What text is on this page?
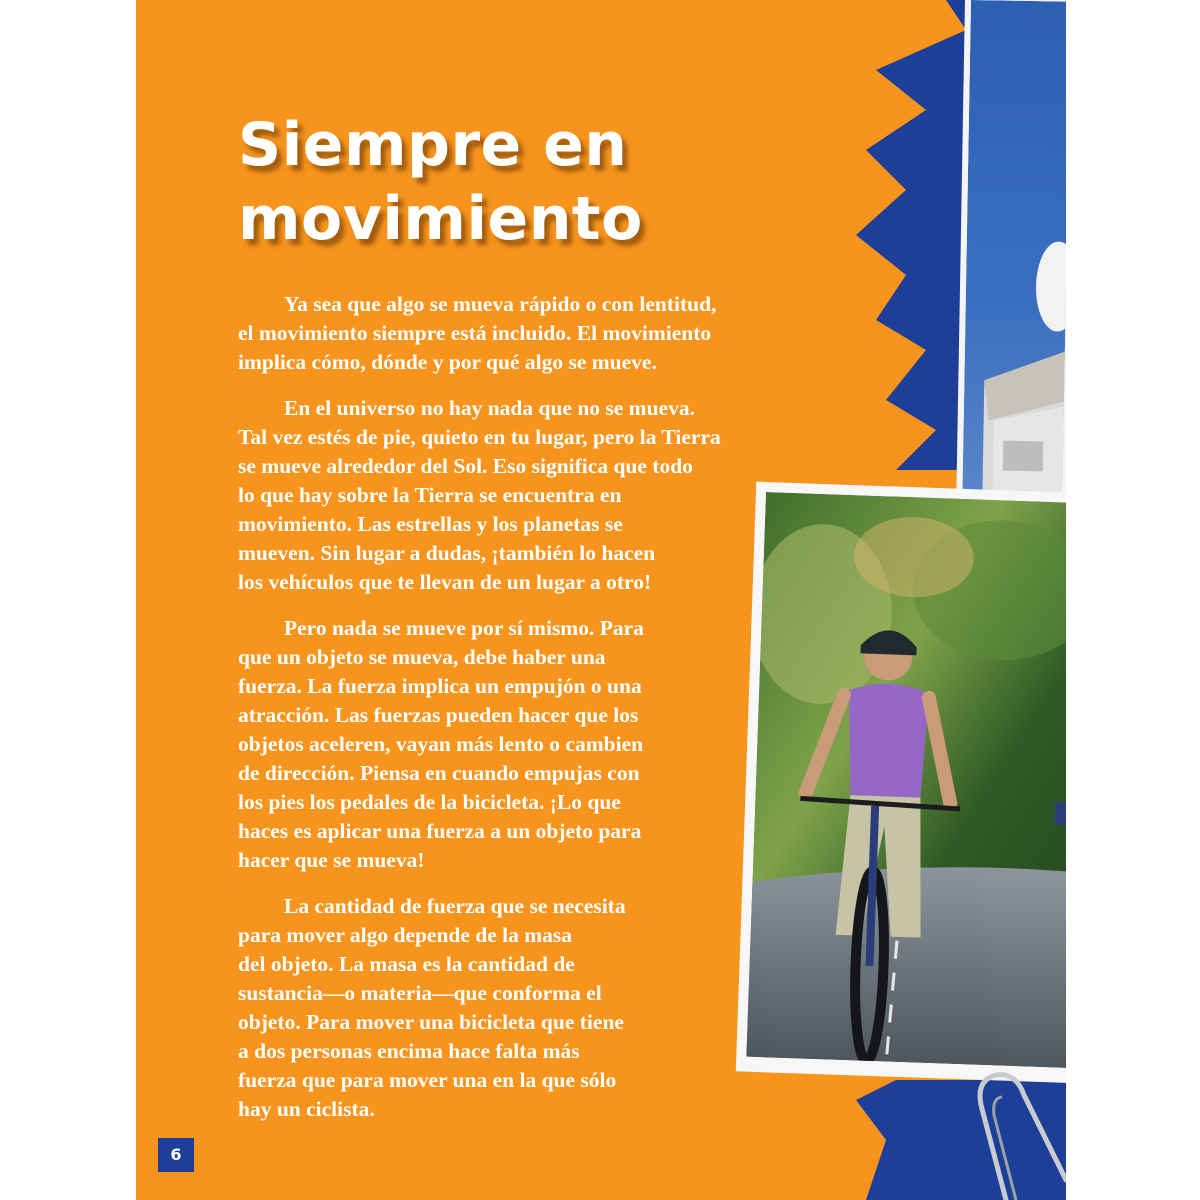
Siempre en
movimiento

Ya sea que algo se mueva rápido o con lentitud,
el movimiento siempre está incluido. El movimiento
implica cómo, dónde y por qué algo se mueve.

En el universo no hay nada que no se mueva.
Tal vez estés de pie, quieto en tu lugar, pero la Tierra
se mueve alrededor del Sol. Eso significa que todo
lo que hay sobre la Tierra se encuentra en
movimiento. Las estrellas y los planetas se
mueven. Sin lugar a dudas, ¡también lo hacen
los vehículos que te llevan de un lugar a otro!

Pero nada se mueve por sí mismo. Para
que un objeto se mueva, debe haber una
fuerza. La fuerza implica un empujón o una
atracción. Las fuerzas pueden hacer que los
objetos aceleren, vayan más lento o cambien
de dirección. Piensa en cuando empujas con
los pies los pedales de la bicicleta. ¡Lo que
haces es aplicar una fuerza a un objeto para
hacer que se mueva!

La cantidad de fuerza que se necesita
para mover algo depende de la masa
del objeto. La masa es la cantidad de
sustancia—o materia—que conforma el
objeto. Para mover una bicicleta que tiene
a dos personas encima hace falta más
fuerza que para mover una en la que sólo
hay un ciclista.

6
